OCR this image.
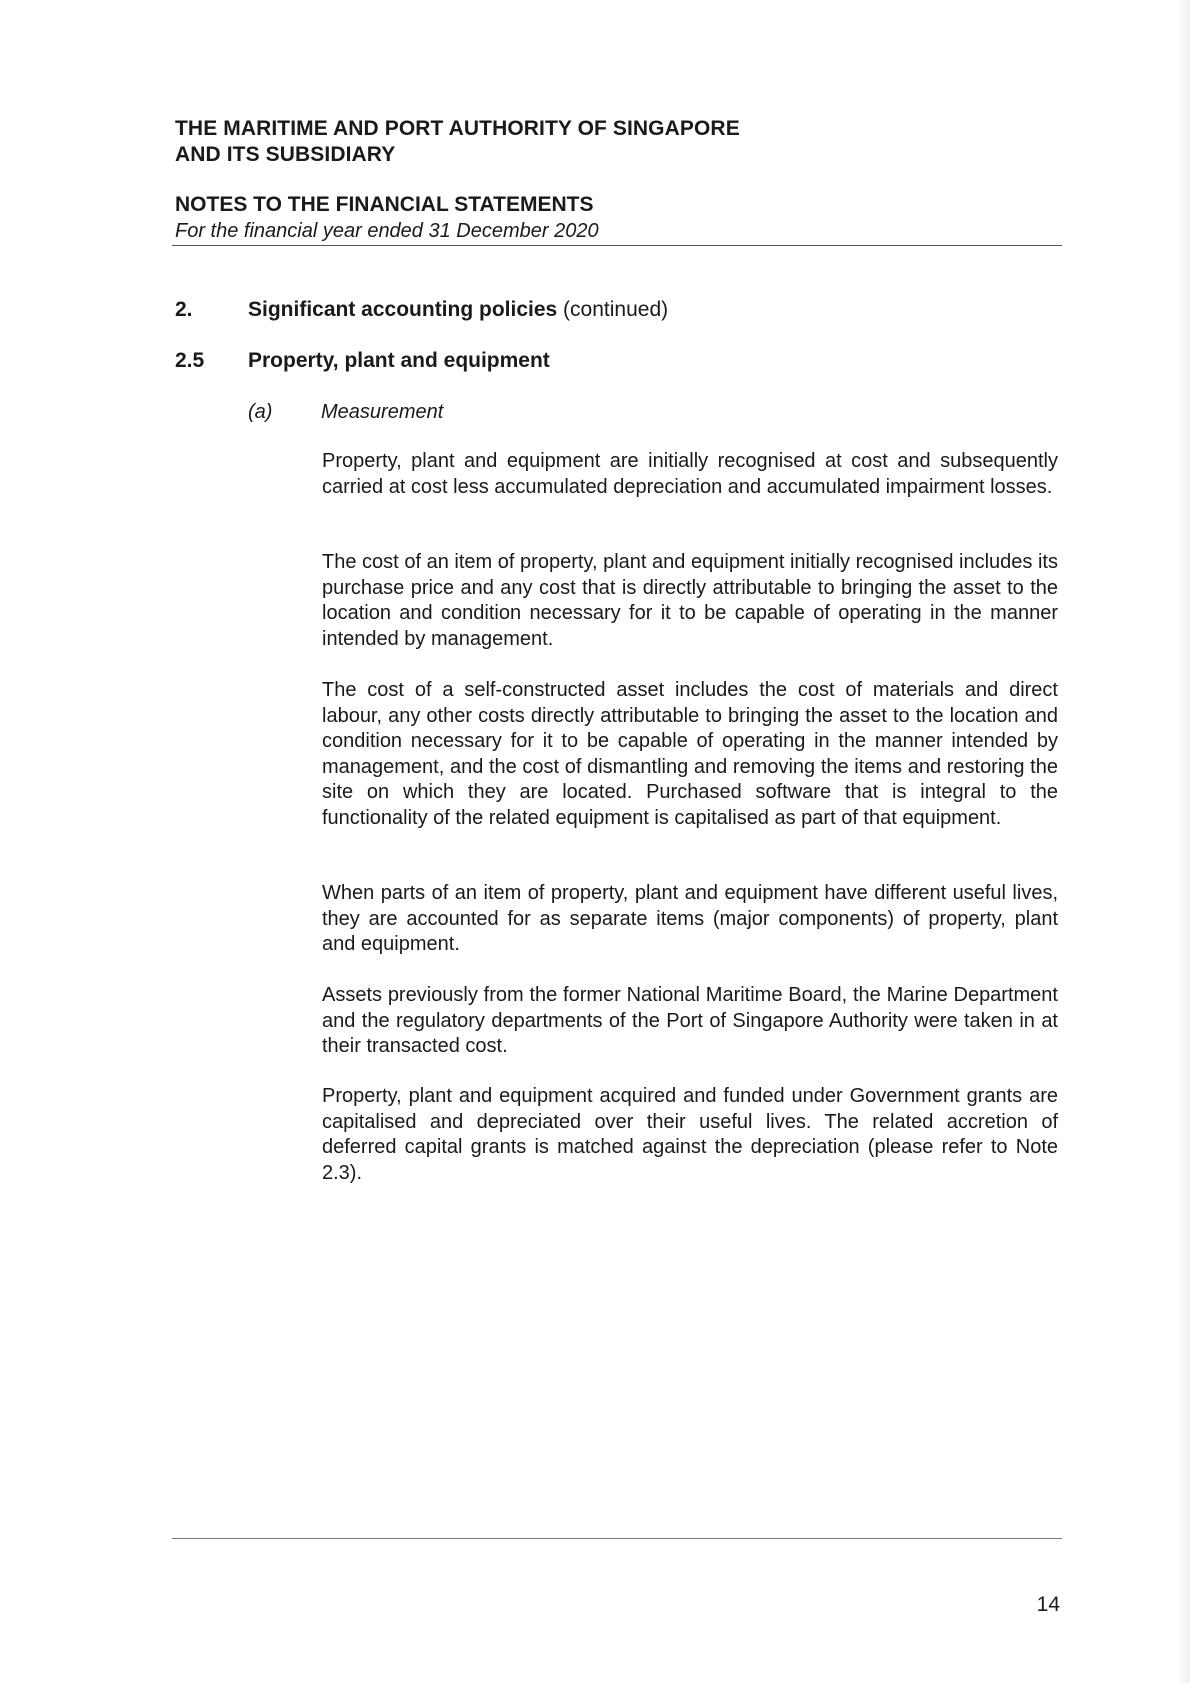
THE MARITIME AND PORT AUTHORITY OF SINGAPORE

AND ITS SUBSIDIARY

NOTES TO THE FINANCIAL STATEMENTS

For the financial year ended 31 December 2020

2.	Significant accounting policies (continued)
2.5 Property, plant and equipment
(a) Measurement

Property, plant and equipment are initially recognised at cost and subsequently carried at cost less accumulated depreciation and accumulated impairment losses.

The cost of an item of property, plant and equipment initially recognised includes its purchase price and any cost that is directly attributable to bringing the asset to the location and condition necessary for it to be capable of operating in the manner intended by management.

The cost of a self-constructed asset includes the cost of materials and direct labour, any other costs directly attributable to bringing the asset to the location and condition necessary for it to be capable of operating in the manner intended by management, and the cost of dismantling and removing the items and restoring the site on which they are located. Purchased software that is integral to the functionality of the related equipment is capitalised as part of that equipment.

When parts of an item of property, plant and equipment have different useful lives, they are accounted for as separate items (major components) of property, plant and equipment.

Assets previously from the former National Maritime Board, the Marine Department and the regulatory departments of the Port of Singapore Authority were taken in at their transacted cost.

Property, plant and equipment acquired and funded under Government grants are capitalised and depreciated over their useful lives. The related accretion of deferred capital grants is matched against the depreciation (please refer to Note 2.3).

14
